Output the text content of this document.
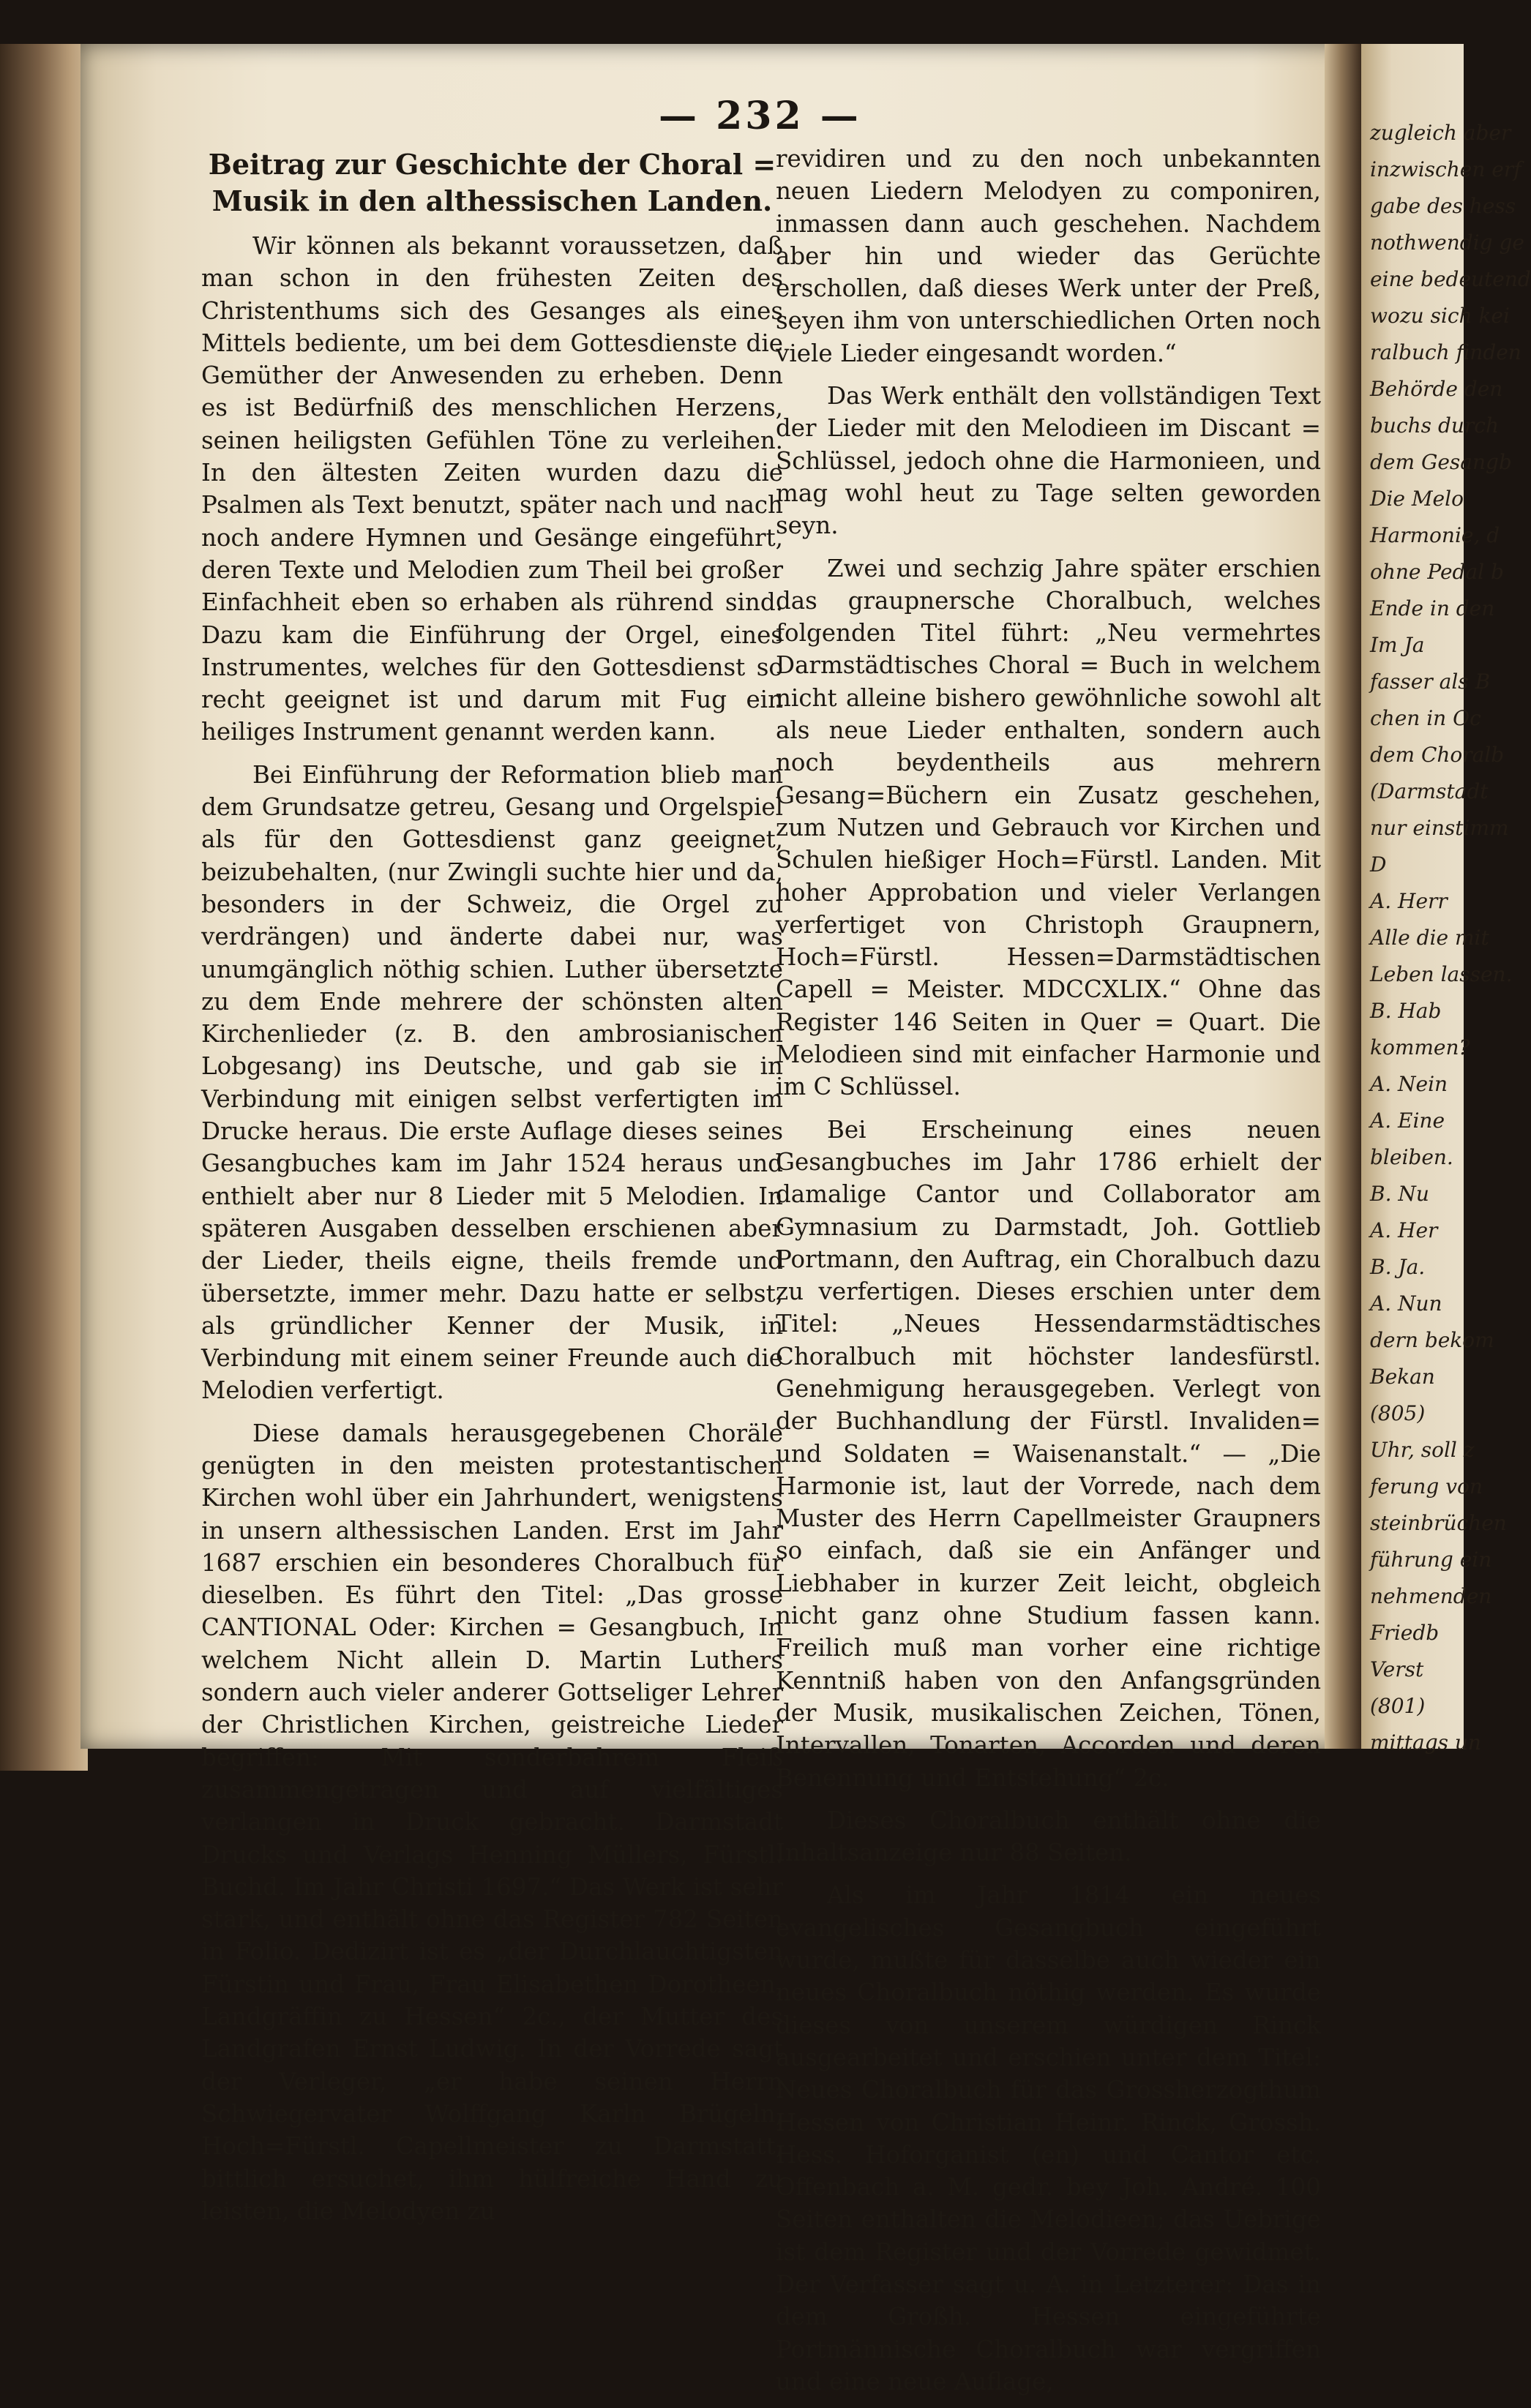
zugleich aber
inzwischen erf
gabe des hess
nothwendig ge
eine bedeutend
wozu sich kei
ralbuch finden
Behörde den
buchs durch
dem Gesangb
Die Melo
Harmonie, d
ohne Pedal b
Ende in den
Im Ja
fasser als B
chen in Oc
dem Choralb
(Darmstadt
nur einstimm
D
A. Herr
Alle die mit
Leben lassen.
B. Hab
kommen?
A. Nein
A. Eine
bleiben.
B. Nu
A. Her
B. Ja.
A. Nun
dern bekom
Bekan
(805)
Uhr, soll z
ferung von
steinbrüchen
führung ein
nehmenden
Friedb
Verst
(801)
mittags un
— 232 —
Beitrag zur Geschichte der Choral = Musik in den althessischen Landen.

Wir können als bekannt voraussetzen, daß man schon in den frühesten Zeiten des Christenthums sich des Gesanges als eines Mittels bediente, um bei dem Gottesdienste die Gemüther der Anwesenden zu erheben. Denn es ist Bedürfniß des menschlichen Herzens, seinen heiligsten Gefühlen Töne zu verleihen. In den ältesten Zeiten wurden dazu die Psalmen als Text benutzt, später nach und nach noch andere Hymnen und Gesänge eingeführt, deren Texte und Melodien zum Theil bei großer Einfachheit eben so erhaben als rührend sind. Dazu kam die Einführung der Orgel, eines Instrumentes, welches für den Gottesdienst so recht geeignet ist und darum mit Fug ein heiliges Instrument genannt werden kann.

Bei Einführung der Reformation blieb man dem Grundsatze getreu, Gesang und Orgelspiel als für den Gottesdienst ganz geeignet, beizubehalten, (nur Zwingli suchte hier und da, besonders in der Schweiz, die Orgel zu verdrängen) und änderte dabei nur, was unumgänglich nöthig schien. Luther übersetzte zu dem Ende mehrere der schönsten alten Kirchenlieder (z. B. den ambrosianischen Lobgesang) ins Deutsche, und gab sie in Verbindung mit einigen selbst verfertigten im Drucke heraus. Die erste Auflage dieses seines Gesangbuches kam im Jahr 1524 heraus und enthielt aber nur 8 Lieder mit 5 Melodien. In späteren Ausgaben desselben erschienen aber der Lieder, theils eigne, theils fremde und übersetzte, immer mehr. Dazu hatte er selbst, als gründlicher Kenner der Musik, in Verbindung mit einem seiner Freunde auch die Melodien verfertigt.

Diese damals herausgegebenen Choräle genügten in den meisten protestantischen Kirchen wohl über ein Jahrhundert, wenigstens in unsern althessischen Landen. Erst im Jahr 1687 erschien ein besonderes Choralbuch für dieselben. Es führt den Titel: „Das grosse CANTIONAL Oder: Kirchen = Gesangbuch, In welchem Nicht allein D. Martin Luthers sondern auch vieler anderer Gottseliger Lehrer der Christlichen Kirchen, geistreiche Lieder begriffen: Mit sonderbahrem Fleiß zusammengetragen und auf vielfältiges verlangen in Druck gebracht. Darmstadt Drucks und Verlags Henning Müllers, Fürstl. Buchd. Im Jahr Christi 1697.“ Das Werk ist sehr stark, und enthält ohne das Register 782 Seiten in Folio. Dedizirt ist es „der Durchlauchtigsten Fürstin und Frau, Frau Elisabethen Dorotheen, Landgräffin zu Hessen“ 2c., der Mutter des Landgrafen Ernst Ludwig. In der Vorrede sagt der Verleger, „er habe seinen Herrn Schwiegervater Wolffgang Karln Brügeln, Hoch=Fürstl. Capellmeister zu Darmstatt, bittlich ersuchet, ihm hülfreiche Hand zu leisten, die Melodyen zu

revidiren und zu den noch unbekannten neuen Liedern Melodyen zu componiren, inmassen dann auch geschehen. Nachdem aber hin und wieder das Gerüchte erschollen, daß dieses Werk unter der Preß, seyen ihm von unterschiedlichen Orten noch viele Lieder eingesandt worden.“

Das Werk enthält den vollständigen Text der Lieder mit den Melodieen im Discant = Schlüssel, jedoch ohne die Harmonieen, und mag wohl heut zu Tage selten geworden seyn.

Zwei und sechzig Jahre später erschien das graupnersche Choralbuch, welches folgenden Titel führt: „Neu vermehrtes Darmstädtisches Choral = Buch in welchem nicht alleine bishero gewöhnliche sowohl alt als neue Lieder enthalten, sondern auch noch beydentheils aus mehrern Gesang=Büchern ein Zusatz geschehen, zum Nutzen und Gebrauch vor Kirchen und Schulen hießiger Hoch=Fürstl. Landen. Mit hoher Approbation und vieler Verlangen verfertiget von Christoph Graupnern, Hoch=Fürstl. Hessen=Darmstädtischen Capell = Meister. MDCCXLIX.“ Ohne das Register 146 Seiten in Quer = Quart. Die Melodieen sind mit einfacher Harmonie und im C Schlüssel.

Bei Erscheinung eines neuen Gesangbuches im Jahr 1786 erhielt der damalige Cantor und Collaborator am Gymnasium zu Darmstadt, Joh. Gottlieb Portmann, den Auftrag, ein Choralbuch dazu zu verfertigen. Dieses erschien unter dem Titel: „Neues Hessendarmstädtisches Choralbuch mit höchster landesfürstl. Genehmigung herausgegeben. Verlegt von der Buchhandlung der Fürstl. Invaliden= und Soldaten = Waisenanstalt.“ — „Die Harmonie ist, laut der Vorrede, nach dem Muster des Herrn Capellmeister Graupners so einfach, daß sie ein Anfänger und Liebhaber in kurzer Zeit leicht, obgleich nicht ganz ohne Studium fassen kann. Freilich muß man vorher eine richtige Kenntniß haben von den Anfangsgründen der Musik, musikalischen Zeichen, Tönen, Intervallen, Tonarten, Accorden und deren Benennung und Entstehung“ 2c.

Dieses Choralbuch enthält ohne die Inhaltsanzeige nur 88 Seiten.

Als im Jahr 1814 ein neues evangelisches Gesangbuch eingeführt wurde, mußte für dasselbe auch wieder ein neues Choralbuch nöthig werden. Es wurde dieses von unserem würdigen Rinck ausgearbeitet und erschien unter dem Titel: Neues Choralbuch für das Grossherzogthum Hessen von Christian Heinr. Rinck, Grossh. Hess. Hoforganist (en) und Cantor etc. Offenbach a. M. gedr. bey Joh. André. 100 Seiten enthalten die Melodieen; das Uebrige ist dem Register und der Vorrede gewidmet. Der Verfasser sagt u. A. in Letzterer: Das in dem Großh. Hessen eingeführte Portmännische Choralbuch war vergriffen und eine neue Auflage,
